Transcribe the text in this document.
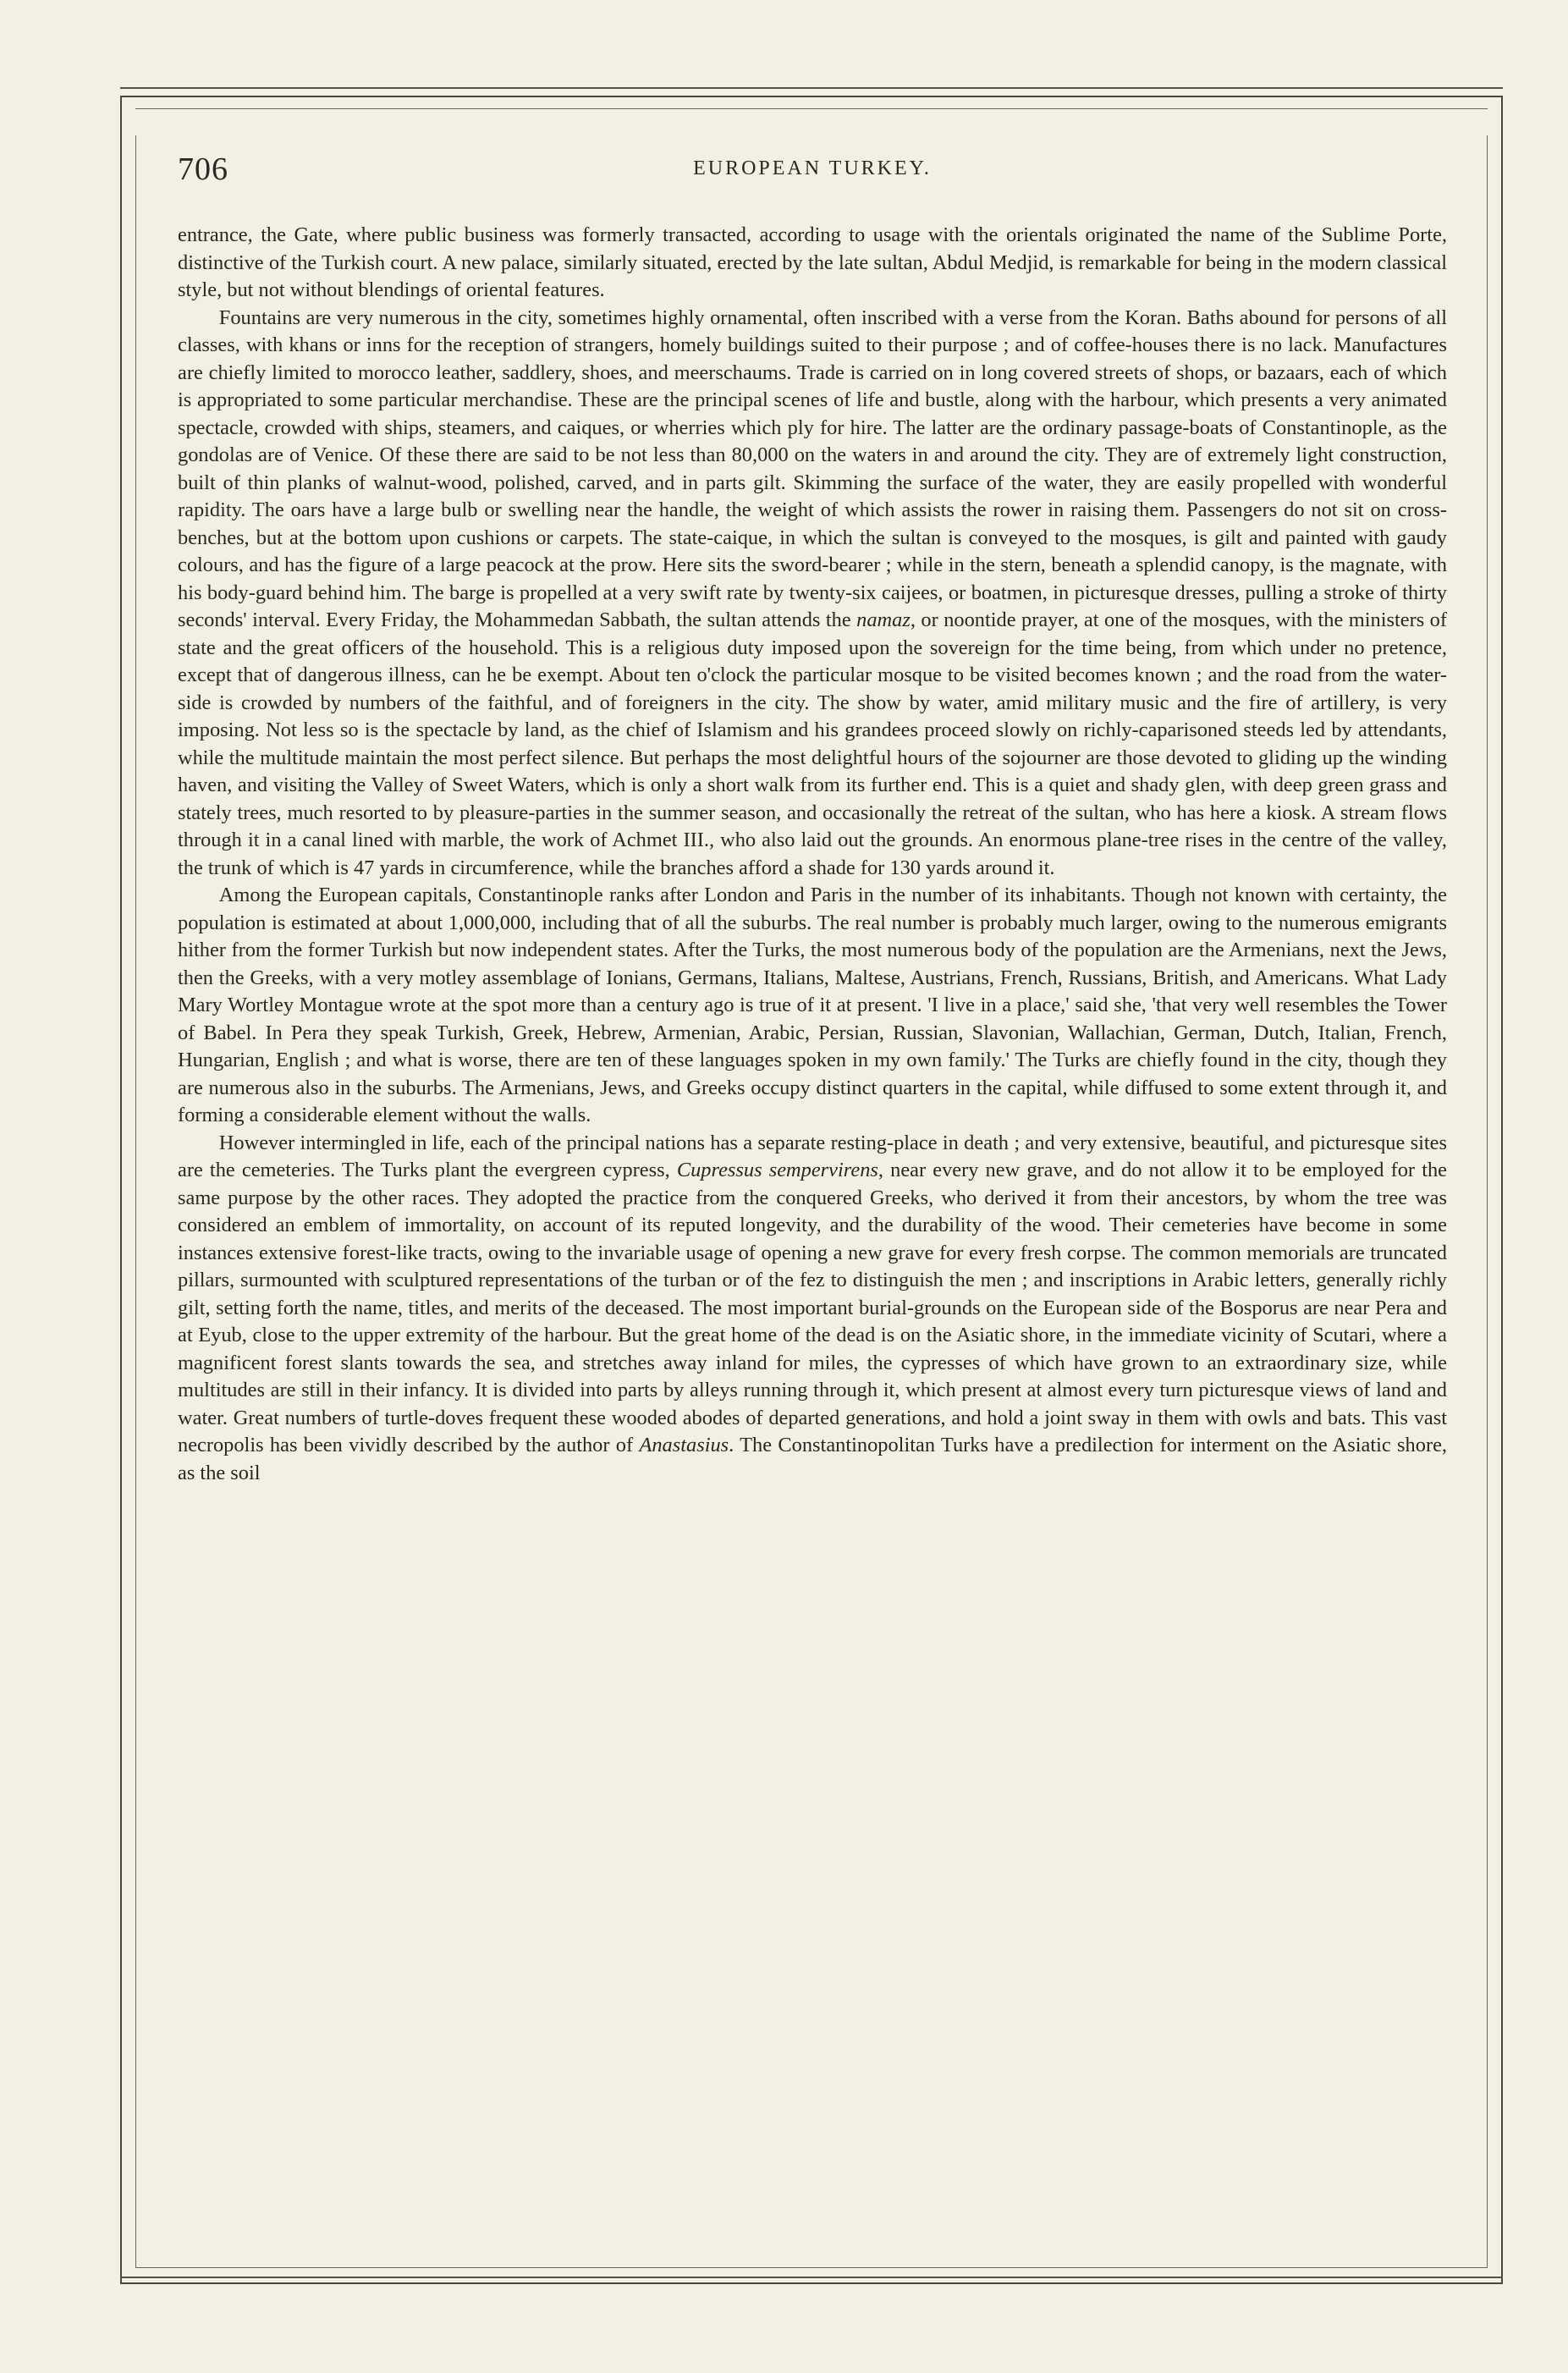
706	EUROPEAN TURKEY.

entrance, the Gate, where public business was formerly transacted, according to usage with the orientals originated the name of the Sublime Porte, distinctive of the Turkish court. A new palace, similarly situated, erected by the late sultan, Abdul Medjid, is remarkable for being in the modern classical style, but not without blendings of oriental features.

Fountains are very numerous in the city, sometimes highly ornamental, often inscribed with a verse from the Koran. Baths abound for persons of all classes, with khans or inns for the reception of strangers, homely buildings suited to their purpose ; and of coffee-houses there is no lack. Manufactures are chiefly limited to morocco leather, saddlery, shoes, and meerschaums. Trade is carried on in long covered streets of shops, or bazaars, each of which is appropriated to some particular merchandise. These are the principal scenes of life and bustle, along with the harbour, which presents a very animated spectacle, crowded with ships, steamers, and caiques, or wherries which ply for hire. The latter are the ordinary passage-boats of Constantinople, as the gondolas are of Venice. Of these there are said to be not less than 80,000 on the waters in and around the city. They are of extremely light construction, built of thin planks of walnut-wood, polished, carved, and in parts gilt. Skimming the surface of the water, they are easily propelled with wonderful rapidity. The oars have a large bulb or swelling near the handle, the weight of which assists the rower in raising them. Passengers do not sit on cross-benches, but at the bottom upon cushions or carpets. The state-caique, in which the sultan is conveyed to the mosques, is gilt and painted with gaudy colours, and has the figure of a large peacock at the prow. Here sits the sword-bearer ; while in the stern, beneath a splendid canopy, is the magnate, with his body-guard behind him. The barge is propelled at a very swift rate by twenty-six caijees, or boatmen, in picturesque dresses, pulling a stroke of thirty seconds' interval. Every Friday, the Mohammedan Sabbath, the sultan attends the namaz, or noontide prayer, at one of the mosques, with the ministers of state and the great officers of the household. This is a religious duty imposed upon the sovereign for the time being, from which under no pretence, except that of dangerous illness, can he be exempt. About ten o'clock the particular mosque to be visited becomes known ; and the road from the water-side is crowded by numbers of the faithful, and of foreigners in the city. The show by water, amid military music and the fire of artillery, is very imposing. Not less so is the spectacle by land, as the chief of Islamism and his grandees proceed slowly on richly-caparisoned steeds led by attendants, while the multitude maintain the most perfect silence. But perhaps the most delightful hours of the sojourner are those devoted to gliding up the winding haven, and visiting the Valley of Sweet Waters, which is only a short walk from its further end. This is a quiet and shady glen, with deep green grass and stately trees, much resorted to by pleasure-parties in the summer season, and occasionally the retreat of the sultan, who has here a kiosk. A stream flows through it in a canal lined with marble, the work of Achmet III., who also laid out the grounds. An enormous plane-tree rises in the centre of the valley, the trunk of which is 47 yards in circumference, while the branches afford a shade for 130 yards around it.

Among the European capitals, Constantinople ranks after London and Paris in the number of its inhabitants. Though not known with certainty, the population is estimated at about 1,000,000, including that of all the suburbs. The real number is probably much larger, owing to the numerous emigrants hither from the former Turkish but now independent states. After the Turks, the most numerous body of the population are the Armenians, next the Jews, then the Greeks, with a very motley assemblage of Ionians, Germans, Italians, Maltese, Austrians, French, Russians, British, and Americans. What Lady Mary Wortley Montague wrote at the spot more than a century ago is true of it at present. 'I live in a place,' said she, 'that very well resembles the Tower of Babel. In Pera they speak Turkish, Greek, Hebrew, Armenian, Arabic, Persian, Russian, Slavonian, Wallachian, German, Dutch, Italian, French, Hungarian, English ; and what is worse, there are ten of these languages spoken in my own family.' The Turks are chiefly found in the city, though they are numerous also in the suburbs. The Armenians, Jews, and Greeks occupy distinct quarters in the capital, while diffused to some extent through it, and forming a considerable element without the walls.

However intermingled in life, each of the principal nations has a separate resting-place in death ; and very extensive, beautiful, and picturesque sites are the cemeteries. The Turks plant the evergreen cypress, Cupressus sempervirens, near every new grave, and do not allow it to be employed for the same purpose by the other races. They adopted the practice from the conquered Greeks, who derived it from their ancestors, by whom the tree was considered an emblem of immortality, on account of its reputed longevity, and the durability of the wood. Their cemeteries have become in some instances extensive forest-like tracts, owing to the invariable usage of opening a new grave for every fresh corpse. The common memorials are truncated pillars, surmounted with sculptured representations of the turban or of the fez to distinguish the men ; and inscriptions in Arabic letters, generally richly gilt, setting forth the name, titles, and merits of the deceased. The most important burial-grounds on the European side of the Bosporus are near Pera and at Eyub, close to the upper extremity of the harbour. But the great home of the dead is on the Asiatic shore, in the immediate vicinity of Scutari, where a magnificent forest slants towards the sea, and stretches away inland for miles, the cypresses of which have grown to an extraordinary size, while multitudes are still in their infancy. It is divided into parts by alleys running through it, which present at almost every turn picturesque views of land and water. Great numbers of turtle-doves frequent these wooded abodes of departed generations, and hold a joint sway in them with owls and bats. This vast necropolis has been vividly described by the author of Anastasius. The Constantinopolitan Turks have a predilection for interment on the Asiatic shore, as the soil
